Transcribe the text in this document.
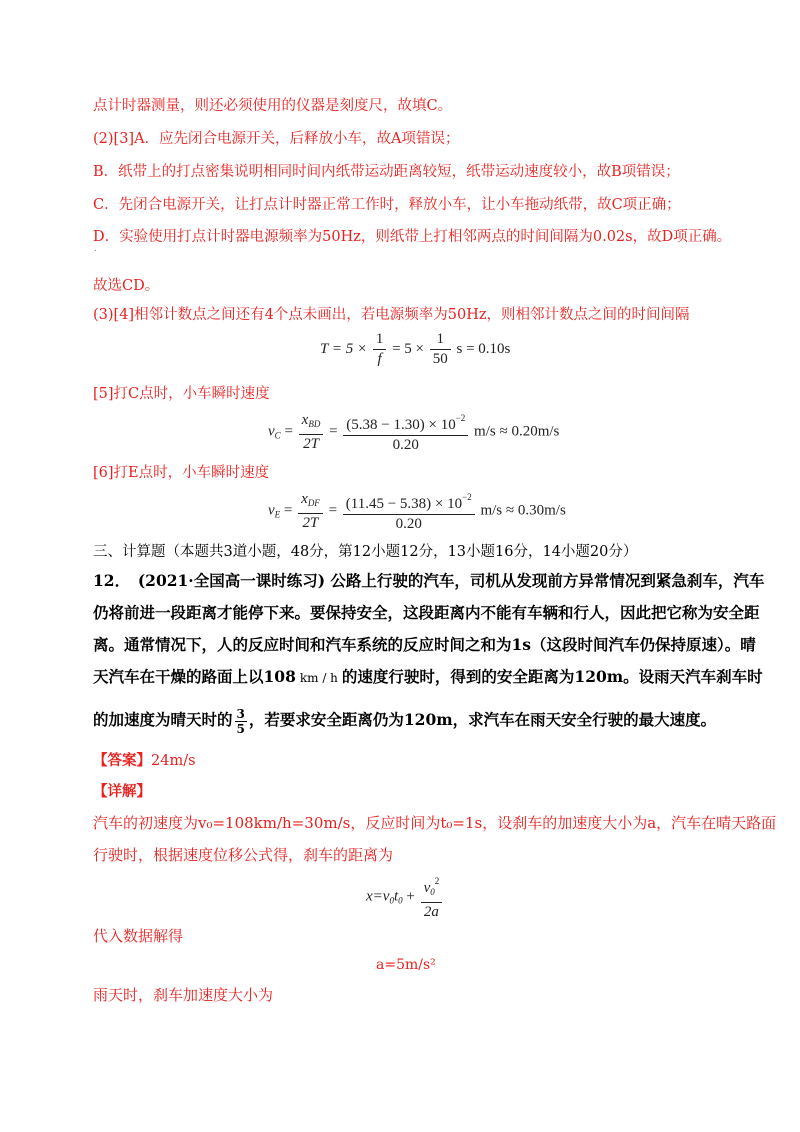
点计时器测量，则还必须使用的仪器是刻度尺，故填C。
(2)[3]A．应先闭合电源开关，后释放小车，故A项错误；
B．纸带上的打点密集说明相同时间内纸带运动距离较短，纸带运动速度较小，故B项错误；
C．先闭合电源开关，让打点计时器正常工作时，释放小车，让小车拖动纸带，故C项正确；
D．实验使用打点计时器电源频率为50Hz，则纸带上打相邻两点的时间间隔为0.02s，故D项正确。
.
故选CD。
(3)[4]相邻计数点之间还有4个点未画出，若电源频率为50Hz，则相邻计数点之间的时间间隔
$T = 5 \times \frac{1}{f} = 5 \times \frac{1}{50}$ s = 0.10s
[5]打C点时，小车瞬时速度
$v_C = \frac{x_{BD}}{2T} = \frac{(5.38 - 1.30) \times 10^{-2}}{0.20} m/s \approx 0.20m/s$
[6]打E点时，小车瞬时速度
$v_E = \frac{x_{DF}}{2T} = \frac{(11.45 - 5.38) \times 10^{-2}}{0.20} m/s \approx 0.30m/s$
三、计算题（本题共3道小题，48分，第12小题12分，13小题16分，14小题20分）
12．　(2021·全国高一课时练习) 公路上行驶的汽车，司机从发现前方异常情况到紧急刹车，汽车
仍将前进一段距离才能停下来。要保持安全，这段距离内不能有车辆和行人，因此把它称为安全距
离。通常情况下，人的反应时间和汽车系统的反应时间之和为1s（这段时间汽车仍保持原速）。晴
天汽车在干燥的路面上以108 km / h 的速度行驶时，得到的安全距离为120m。设雨天汽车刹车时
的加速度为晴天时的 $\frac{3}{5}$ ，若要求安全距离仍为120m，求汽车在雨天安全行驶的最大速度。
【答案】24m/s
【详解】
汽车的初速度为v₀=108km/h=30m/s，反应时间为t₀=1s，设刹车的加速度大小为a，汽车在晴天路面
行驶时，根据速度位移公式得，刹车的距离为
$x=v_0t_0 + \frac{v_0^2}{2a}$
代入数据解得
a=5m/s²
雨天时，刹车加速度大小为
